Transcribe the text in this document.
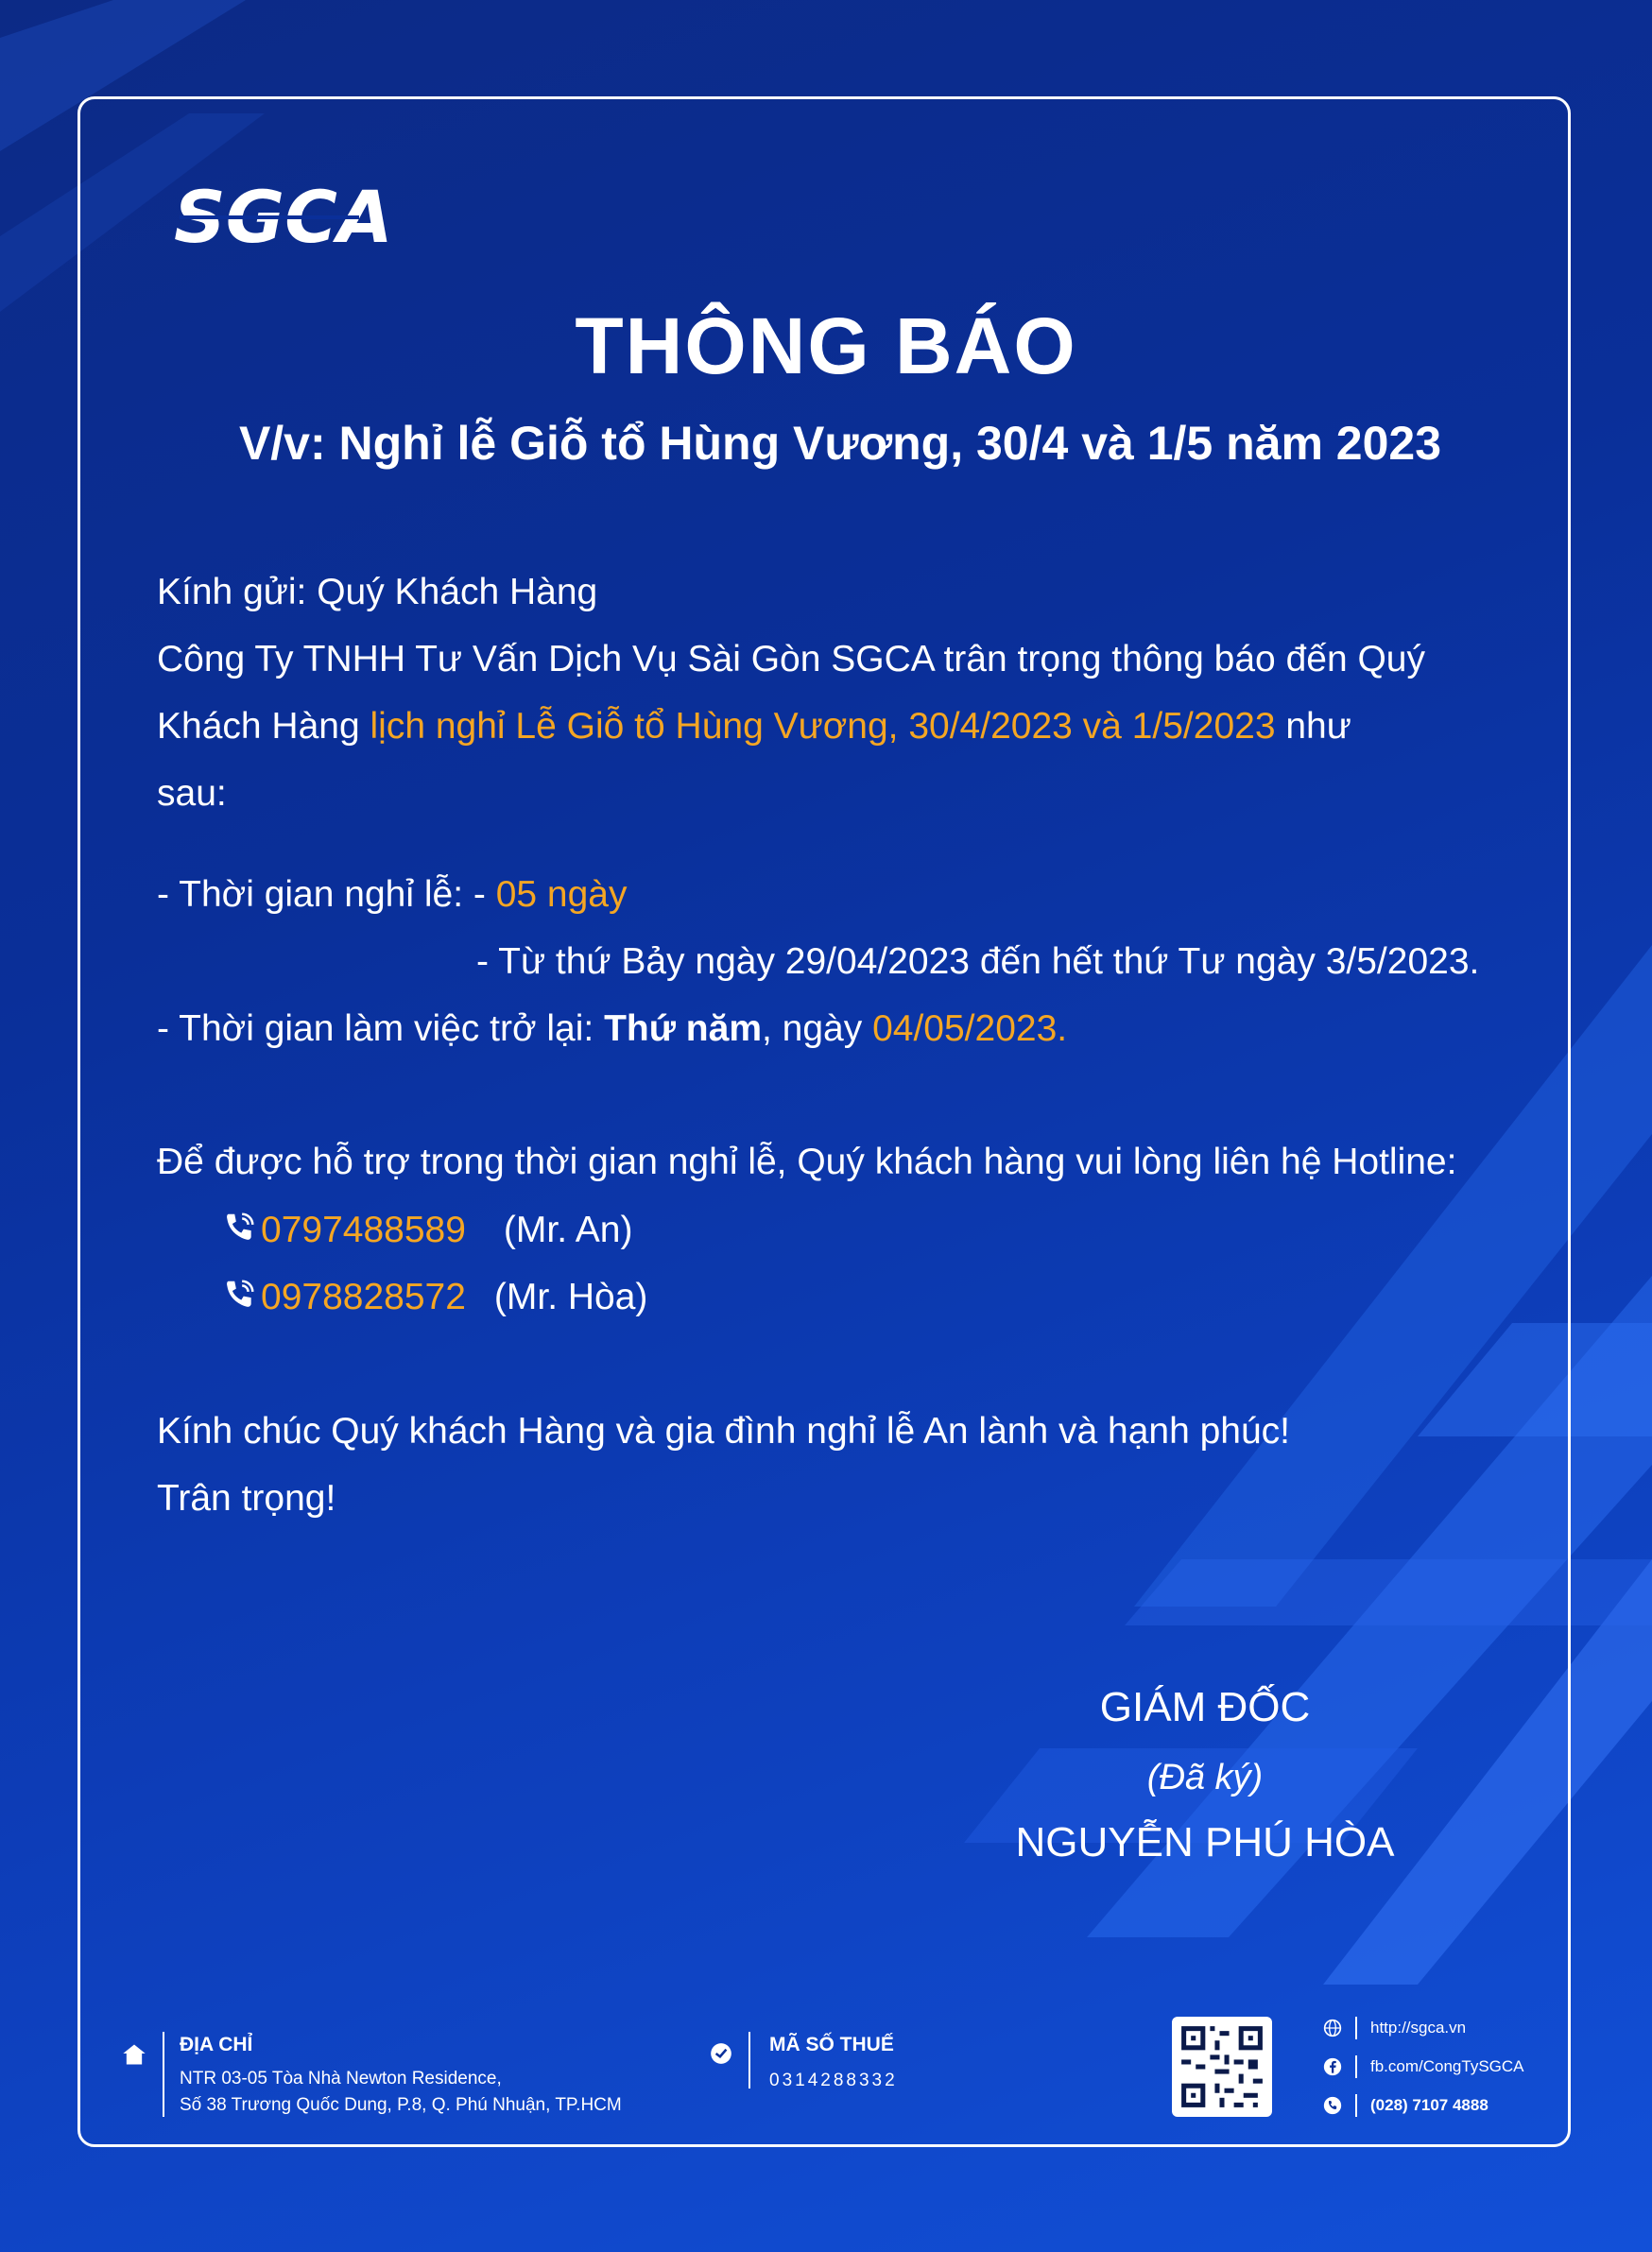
SGCA
THÔNG BÁO
V/v: Nghỉ lễ Giỗ tổ Hùng Vương, 30/4 và 1/5 năm 2023
Kính gửi: Quý Khách Hàng
Công Ty TNHH Tư Vấn Dịch Vụ Sài Gòn SGCA trân trọng thông báo đến Quý
Khách Hàng lịch nghỉ Lễ Giỗ tổ Hùng Vương, 30/4/2023 và 1/5/2023 như
sau:
- Thời gian nghỉ lễ: - 05 ngày
- Từ thứ Bảy ngày 29/04/2023 đến hết thứ Tư ngày 3/5/2023.
- Thời gian làm việc trở lại: Thứ năm, ngày 04/05/2023.
Để được hỗ trợ trong thời gian nghỉ lễ, Quý khách hàng vui lòng liên hệ Hotline:
0797488589 (Mr. An)
0978828572 (Mr. Hòa)
Kính chúc Quý khách Hàng và gia đình nghỉ lễ An lành và hạnh phúc!
Trân trọng!
GIÁM ĐỐC
(Đã ký)
NGUYỄN PHÚ HÒA
ĐỊA CHỈ
NTR 03-05 Tòa Nhà Newton Residence,
Số 38 Trương Quốc Dung, P.8, Q. Phú Nhuận, TP.HCM
MÃ SỐ THUẾ
0314288332
http://sgca.vn
fb.com/CongTySGCA
(028) 7107 4888
